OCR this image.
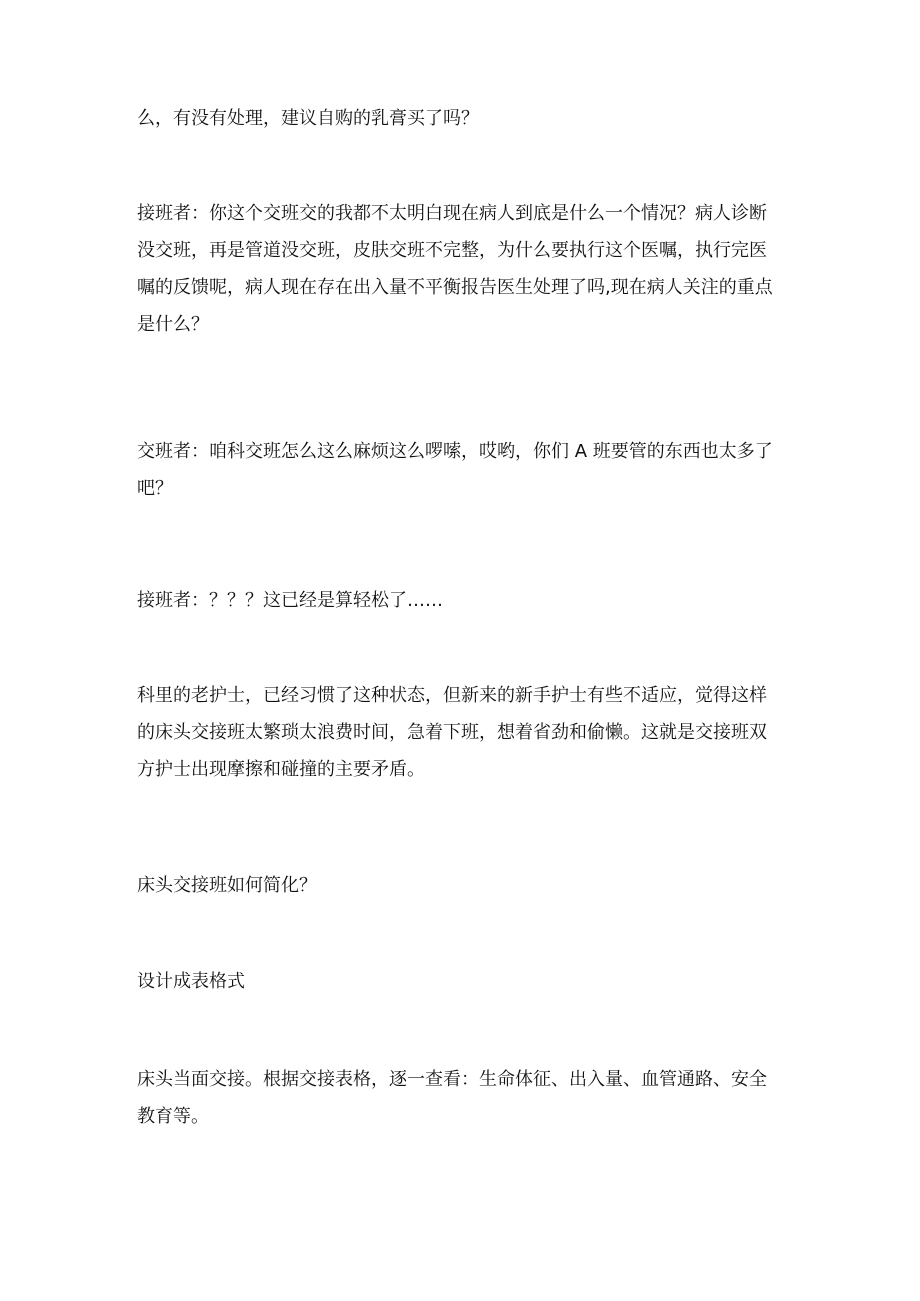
么，有没有处理，建议自购的乳膏买了吗？

接班者：你这个交班交的我都不太明白现在病人到底是什么一个情况？病人诊断
没交班，再是管道没交班，皮肤交班不完整，为什么要执行这个医嘱，执行完医
嘱的反馈呢，病人现在存在出入量不平衡报告医生处理了吗,现在病人关注的重点
是什么？

交班者：咱科交班怎么这么麻烦这么啰嗦，哎哟，你们 A 班要管的东西也太多了
吧？

接班者：？？？这已经是算轻松了……

科里的老护士，已经习惯了这种状态，但新来的新手护士有些不适应，觉得这样
的床头交接班太繁琐太浪费时间，急着下班，想着省劲和偷懒。这就是交接班双
方护士出现摩擦和碰撞的主要矛盾。

床头交接班如何简化？

设计成表格式

床头当面交接。根据交接表格，逐一查看：生命体征、出入量、血管通路、安全
教育等。
